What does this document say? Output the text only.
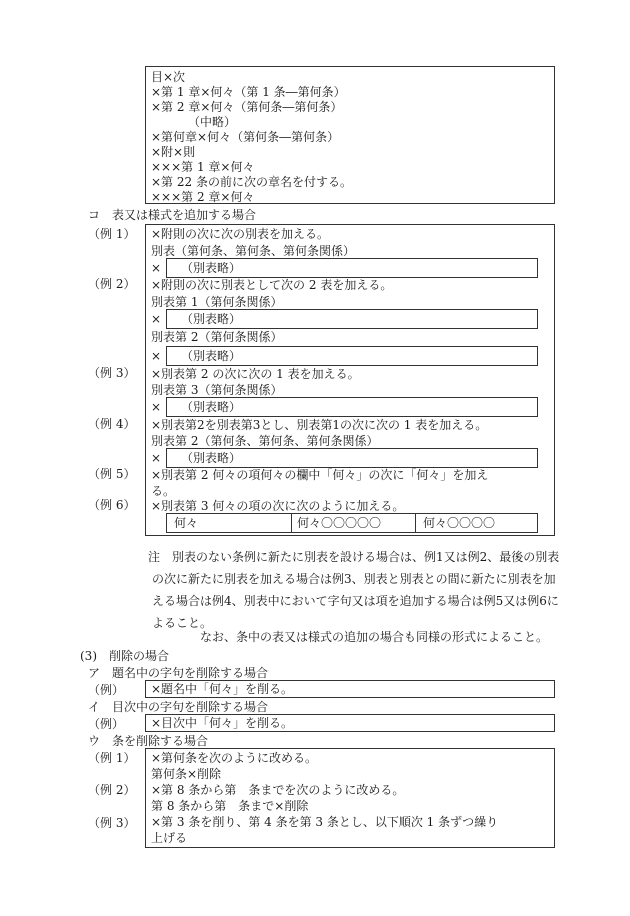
目×次
×第 1 章×何々（第 1 条―第何条）
×第 2 章×何々（第何条―第何条）
（中略）
×第何章×何々（第何条―第何条）
×附×則
×××第 1 章×何々
×第 22 条の前に次の章名を付する。
×××第 2 章×何々
コ　表又は様式を追加する場合
（例 1）
（例 2）
（例 3）
（例 4）
（例 5）
（例 6）
×附則の次に次の別表を加える。
別表（第何条、第何条、第何条関係）
× （別表略）
×附則の次に別表として次の 2 表を加える。
別表第 1（第何条関係）
× （別表略）
別表第 2（第何条関係）
× （別表略）
×別表第 2 の次に次の 1 表を加える。
別表第 3（第何条関係）
× （別表略）
×別表第2を別表第3とし、別表第1の次に次の 1 表を加える。
別表第 2（第何条、第何条、第何条関係）
× （別表略）
×別表第 2 何々の項何々の欄中「何々」の次に「何々」を加え
る。
×別表第 3 何々の項の次に次のように加える。
何々	何々〇〇〇〇〇	何々〇〇〇〇
注　別表のない条例に新たに別表を設ける場合は、例1又は例2、最後の別表
の次に新たに別表を加える場合は例3、別表と別表との間に新たに別表を加
える場合は例4、別表中において字句又は項を追加する場合は例5又は例6に
よること。
なお、条中の表又は様式の追加の場合も同様の形式によること。
(3)　削除の場合
ア　題名中の字句を削除する場合
（例） ×題名中「何々」を削る。
イ　目次中の字句を削除する場合
（例） ×目次中「何々」を削る。
ウ　条を削除する場合
（例 1）
（例 2）
（例 3）
×第何条を次のように改める。
第何条×削除
×第 8 条から第　条までを次のように改める。
第 8 条から第　条まで×削除
×第 3 条を削り、第 4 条を第 3 条とし、以下順次 1 条ずつ繰り
上げる
